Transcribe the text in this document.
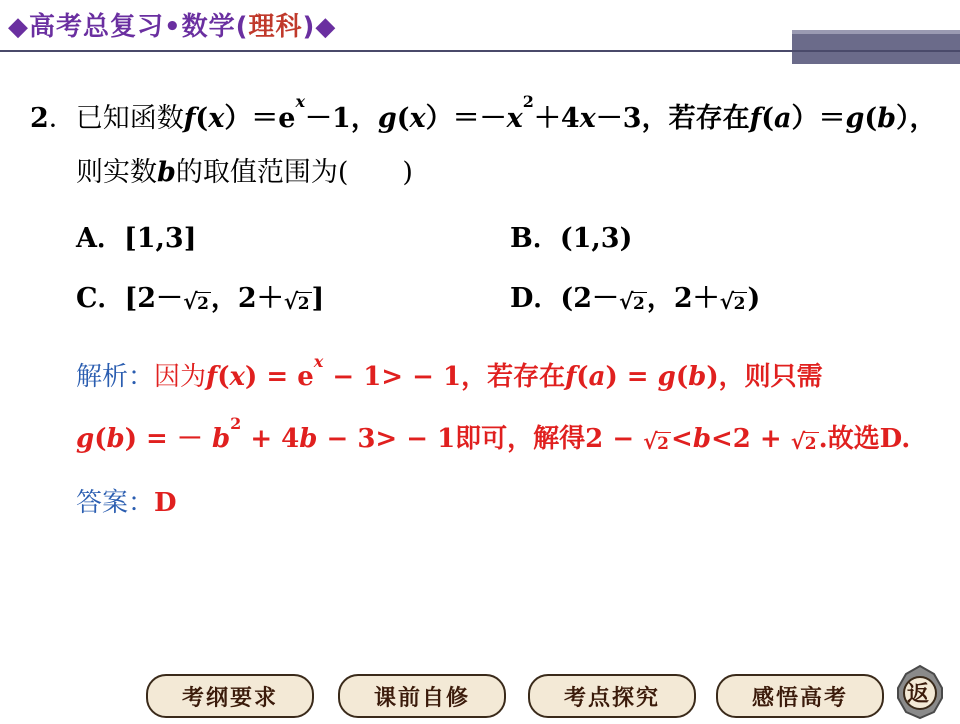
◆高考总复习•数学(理科)◆
2．已知函数$f(x)=e^x-1$，$g(x)=-x^2+4x-3$，若存在f(a）＝g(b），
则实数b的取值范围为(　　)
A．[1,3]	B．(1,3)
C．[2－ √ 2，2＋ √ 2]	D．(2－ √ 2，2＋ √ 2)
解析：因为$f(x) = e^x - 1> - 1$，若存在f(a) = g(b)，则只需
g(b) = － $b^2 + 4b - 3> - 1$即可，解得2 − √ 2<b<2 + √ 2.故选D.
答案：D
考纲要求	课前自修	考点探究	感悟高考	返
